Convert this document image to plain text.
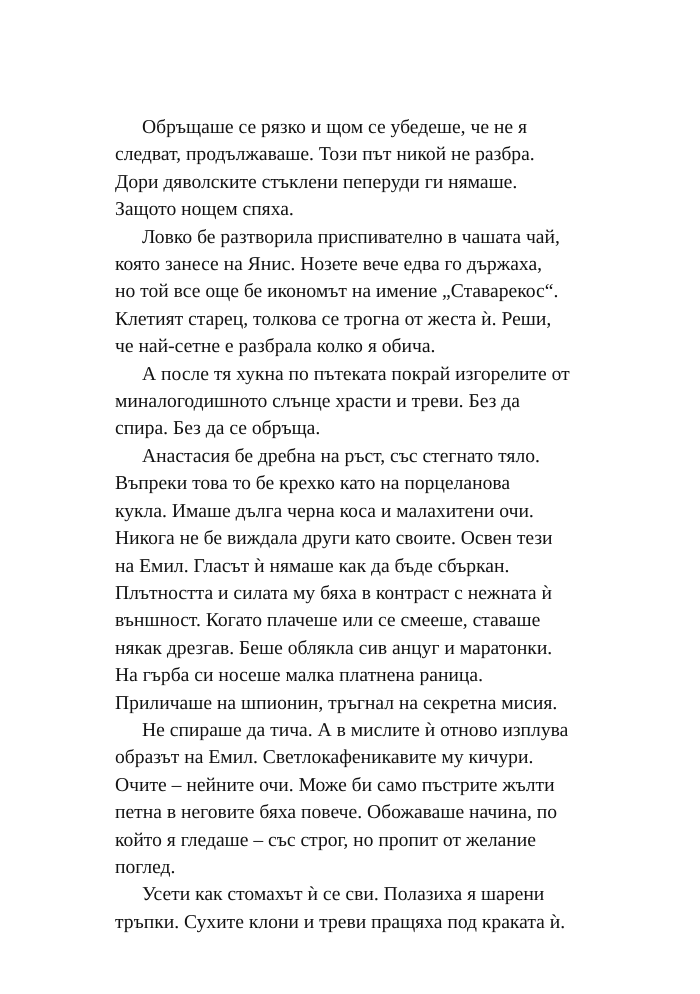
Обръщаше се рязко и щом се убедеше, че не я
следват, продължаваше. Този път никой не разбра.
Дори дяволските стъклени пеперуди ги нямаше.
Защото нощем спяха.

Ловко бе разтворила приспивателно в чашата чай,
която занесе на Янис. Нозете вече едва го държаха,
но той все още бе икономът на имение „Ставарекос“.
Клетият старец, толкова се трогна от жеста ѝ. Реши,
че най-сетне е разбрала колко я обича.

А после тя хукна по пътеката покрай изгорелите от
миналогодишното слънце храсти и треви. Без да
спира. Без да се обръща.

Анастасия бе дребна на ръст, със стегнато тяло.
Въпреки това то бе крехко като на порцеланова
кукла. Имаше дълга черна коса и малахитени очи.
Никога не бе виждала други като своите. Освен тези
на Емил. Гласът ѝ нямаше как да бъде сбъркан.
Плътността и силата му бяха в контраст с нежната ѝ
външност. Когато плачеше или се смееше, ставаше
някак дрезгав. Беше облякла сив анцуг и маратонки.
На гърба си носеше малка платнена раница.
Приличаше на шпионин, тръгнал на секретна мисия.

Не спираше да тича. А в мислите ѝ отново изплува
образът на Емил. Светлокафеникавите му кичури.
Очите – нейните очи. Може би само пъстрите жълти
петна в неговите бяха повече. Обожаваше начина, по
който я гледаше – със строг, но пропит от желание
поглед.

Усети как стомахът ѝ се сви. Полазиха я шарени
тръпки. Сухите клони и треви пращяха под краката ѝ.
